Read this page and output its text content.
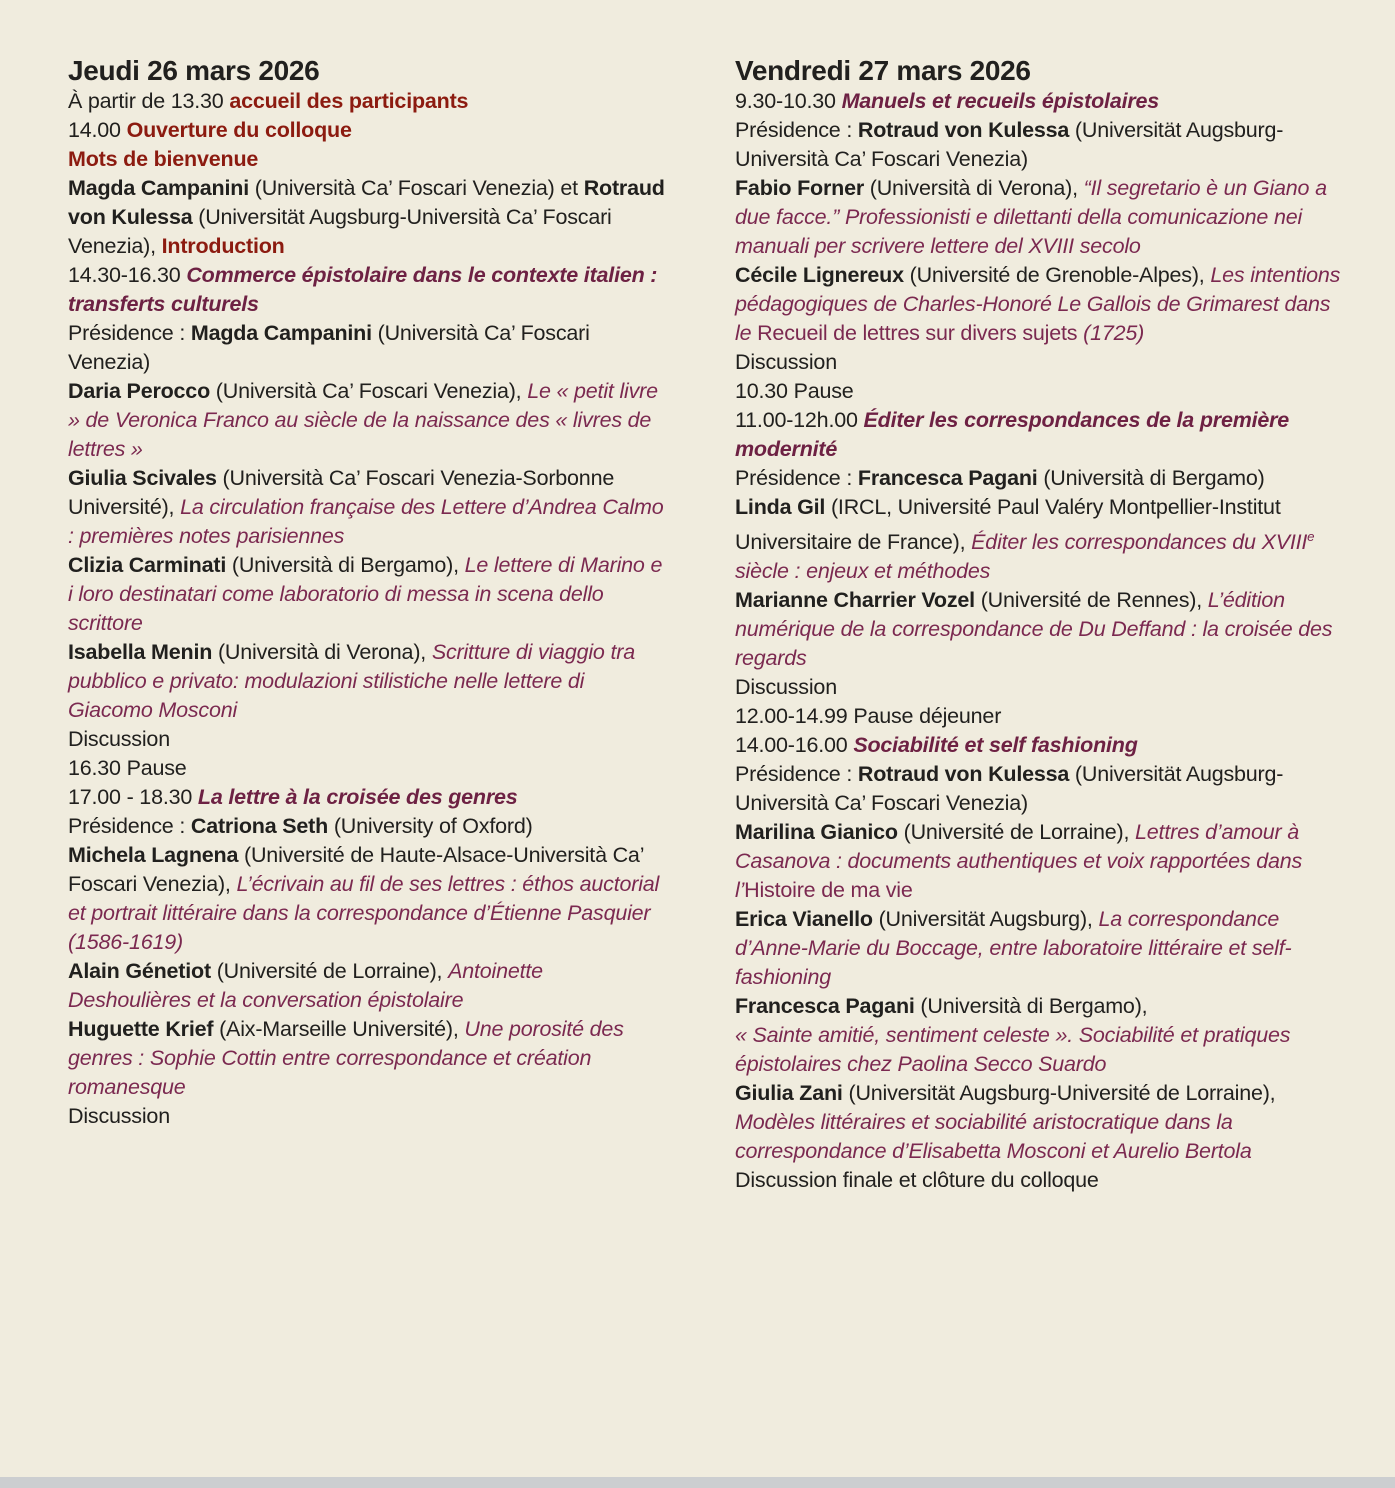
Jeudi 26 mars 2026

À partir de 13.30 accueil des participants

14.00 Ouverture du colloque

Mots de bienvenue

Magda Campanini (Università Ca’ Foscari Venezia) et Rotraud von Kulessa (Universität Augsburg-Università Ca’ Foscari Venezia), Introduction

14.30-16.30 Commerce épistolaire dans le contexte italien : transferts culturels

Présidence : Magda Campanini (Università Ca’ Foscari Venezia)

Daria Perocco (Università Ca’ Foscari Venezia), Le « petit livre » de Veronica Franco au siècle de la naissance des « livres de lettres »

Giulia Scivales (Università Ca’ Foscari Venezia-Sorbonne Université), La circulation française des Lettere d’Andrea Calmo : premières notes parisiennes

Clizia Carminati (Università di Bergamo), Le lettere di Marino e i loro destinatari come laboratorio di messa in scena dello scrittore

Isabella Menin (Università di Verona), Scritture di viaggio tra pubblico e privato: modulazioni stilistiche nelle lettere di Giacomo Mosconi

Discussion

16.30 Pause

17.00 - 18.30 La lettre à la croisée des genres

Présidence : Catriona Seth (University of Oxford)

Michela Lagnena (Université de Haute-Alsace-Università Ca’ Foscari Venezia), L’écrivain au fil de ses lettres : éthos auctorial et portrait littéraire dans la correspondance d’Étienne Pasquier (1586-1619)

Alain Génetiot (Université de Lorraine), Antoinette Deshoulières et la conversation épistolaire

Huguette Krief (Aix-Marseille Université), Une porosité des genres : Sophie Cottin entre correspondance et création romanesque

Discussion

Vendredi 27 mars 2026

9.30-10.30 Manuels et recueils épistolaires

Présidence : Rotraud von Kulessa (Universität Augsburg-Università Ca’ Foscari Venezia)

Fabio Forner (Università di Verona), “Il segretario è un Giano a due facce.” Professionisti e dilettanti della comunicazione nei manuali per scrivere lettere del XVIII secolo

Cécile Lignereux (Université de Grenoble-Alpes), Les intentions pédagogiques de Charles-Honoré Le Gallois de Grimarest dans le Recueil de lettres sur divers sujets (1725)

Discussion

10.30 Pause

11.00-12h.00 Éditer les correspondances de la première modernité

Présidence : Francesca Pagani (Università di Bergamo)

Linda Gil (IRCL, Université Paul Valéry Montpellier-Institut Universitaire de France), Éditer les correspondances du XVIIIe siècle : enjeux et méthodes

Marianne Charrier Vozel (Université de Rennes), L’édition numérique de la correspondance de Du Deffand : la croisée des regards

Discussion

12.00-14.99 Pause déjeuner

14.00-16.00 Sociabilité et self fashioning

Présidence : Rotraud von Kulessa (Universität Augsburg-Università Ca’ Foscari Venezia)

Marilina Gianico (Université de Lorraine), Lettres d’amour à Casanova : documents authentiques et voix rapportées dans l’Histoire de ma vie

Erica Vianello (Universität Augsburg), La correspondance d’Anne-Marie du Boccage, entre laboratoire littéraire et self-fashioning

Francesca Pagani (Università di Bergamo),
« Sainte amitié, sentiment celeste ». Sociabilité et pratiques épistolaires chez Paolina Secco Suardo

Giulia Zani (Universität Augsburg-Université de Lorraine), Modèles littéraires et sociabilité aristocratique dans la correspondance d’Elisabetta Mosconi et Aurelio Bertola

Discussion finale et clôture du colloque
